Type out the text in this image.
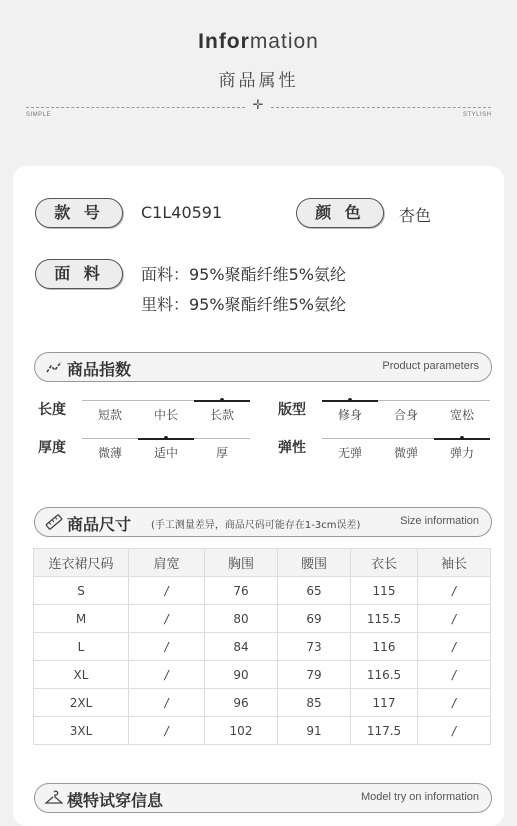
Information
商品属性
✛
SIMPLE	STYLISH
款 号	C1L40591	颜 色	杏色
面 料	面料：95%聚酯纤维5%氨纶
里料：95%聚酯纤维5%氨纶
商品指数	Product parameters
长度	短款	中长	长款	版型	修身	合身	宽松
厚度	微薄	适中	厚	弹性	无弹	微弹	弹力
商品尺寸 (手工测量差异，商品尺码可能存在1-3cm误差)	Size information
连衣裙尺码	肩宽	胸围	腰围	衣长	袖长
S	/	76	65	115	/
M	/	80	69	115.5	/
L	/	84	73	116	/
XL	/	90	79	116.5	/
2XL	/	96	85	117	/
3XL	/	102	91	117.5	/
模特试穿信息	Model try on information
